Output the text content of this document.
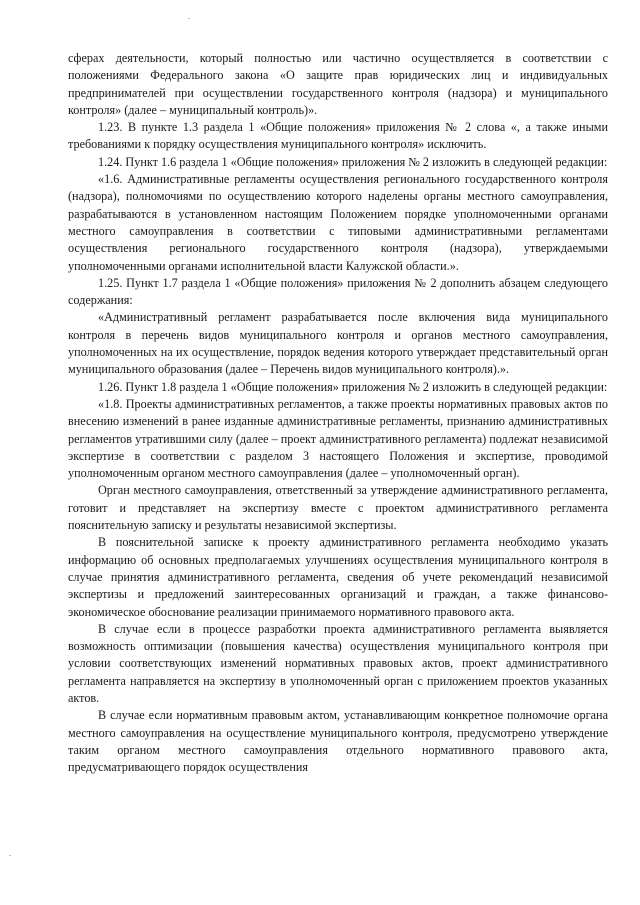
сферах деятельности, который полностью или частично осуществляется в соответствии с положениями Федерального закона «О защите прав юридических лиц и индивидуальных предпринимателей при осуществлении государственного контроля (надзора) и муниципального контроля» (далее – муниципальный контроль)».

1.23. В пункте 1.3 раздела 1 «Общие положения» приложения № 2 слова «, а также иными требованиями к порядку осуществления муниципального контроля» исключить.

1.24. Пункт 1.6 раздела 1 «Общие положения» приложения № 2 изложить в следующей редакции:

«1.6. Административные регламенты осуществления регионального государственного контроля (надзора), полномочиями по осуществлению которого наделены органы местного самоуправления, разрабатываются в установленном настоящим Положением порядке уполномоченными органами местного самоуправления в соответствии с типовыми административными регламентами осуществления регионального государственного контроля (надзора), утверждаемыми уполномоченными органами исполнительной власти Калужской области.».

1.25. Пункт 1.7 раздела 1 «Общие положения» приложения № 2 дополнить абзацем следующего содержания:

«Административный регламент разрабатывается после включения вида муниципального контроля в перечень видов муниципального контроля и органов местного самоуправления, уполномоченных на их осуществление, порядок ведения которого утверждает представительный орган муниципального образования (далее – Перечень видов муниципального контроля).».

1.26. Пункт 1.8 раздела 1 «Общие положения» приложения № 2 изложить в следующей редакции:

«1.8. Проекты административных регламентов, а также проекты нормативных правовых актов по внесению изменений в ранее изданные административные регламенты, признанию административных регламентов утратившими силу (далее – проект административного регламента) подлежат независимой экспертизе в соответствии с разделом 3 настоящего Положения и экспертизе, проводимой уполномоченным органом местного самоуправления (далее – уполномоченный орган).

Орган местного самоуправления, ответственный за утверждение административного регламента, готовит и представляет на экспертизу вместе с проектом административного регламента пояснительную записку и результаты независимой экспертизы.

В пояснительной записке к проекту административного регламента необходимо указать информацию об основных предполагаемых улучшениях осуществления муниципального контроля в случае принятия административного регламента, сведения об учете рекомендаций независимой экспертизы и предложений заинтересованных организаций и граждан, а также финансово-экономическое обоснование реализации принимаемого нормативного правового акта.

В случае если в процессе разработки проекта административного регламента выявляется возможность оптимизации (повышения качества) осуществления муниципального контроля при условии соответствующих изменений нормативных правовых актов, проект административного регламента направляется на экспертизу в уполномоченный орган с приложением проектов указанных актов.

В случае если нормативным правовым актом, устанавливающим конкретное полномочие органа местного самоуправления на осуществление муниципального контроля, предусмотрено утверждение таким органом местного самоуправления отдельного нормативного правового акта, предусматривающего порядок осуществления
